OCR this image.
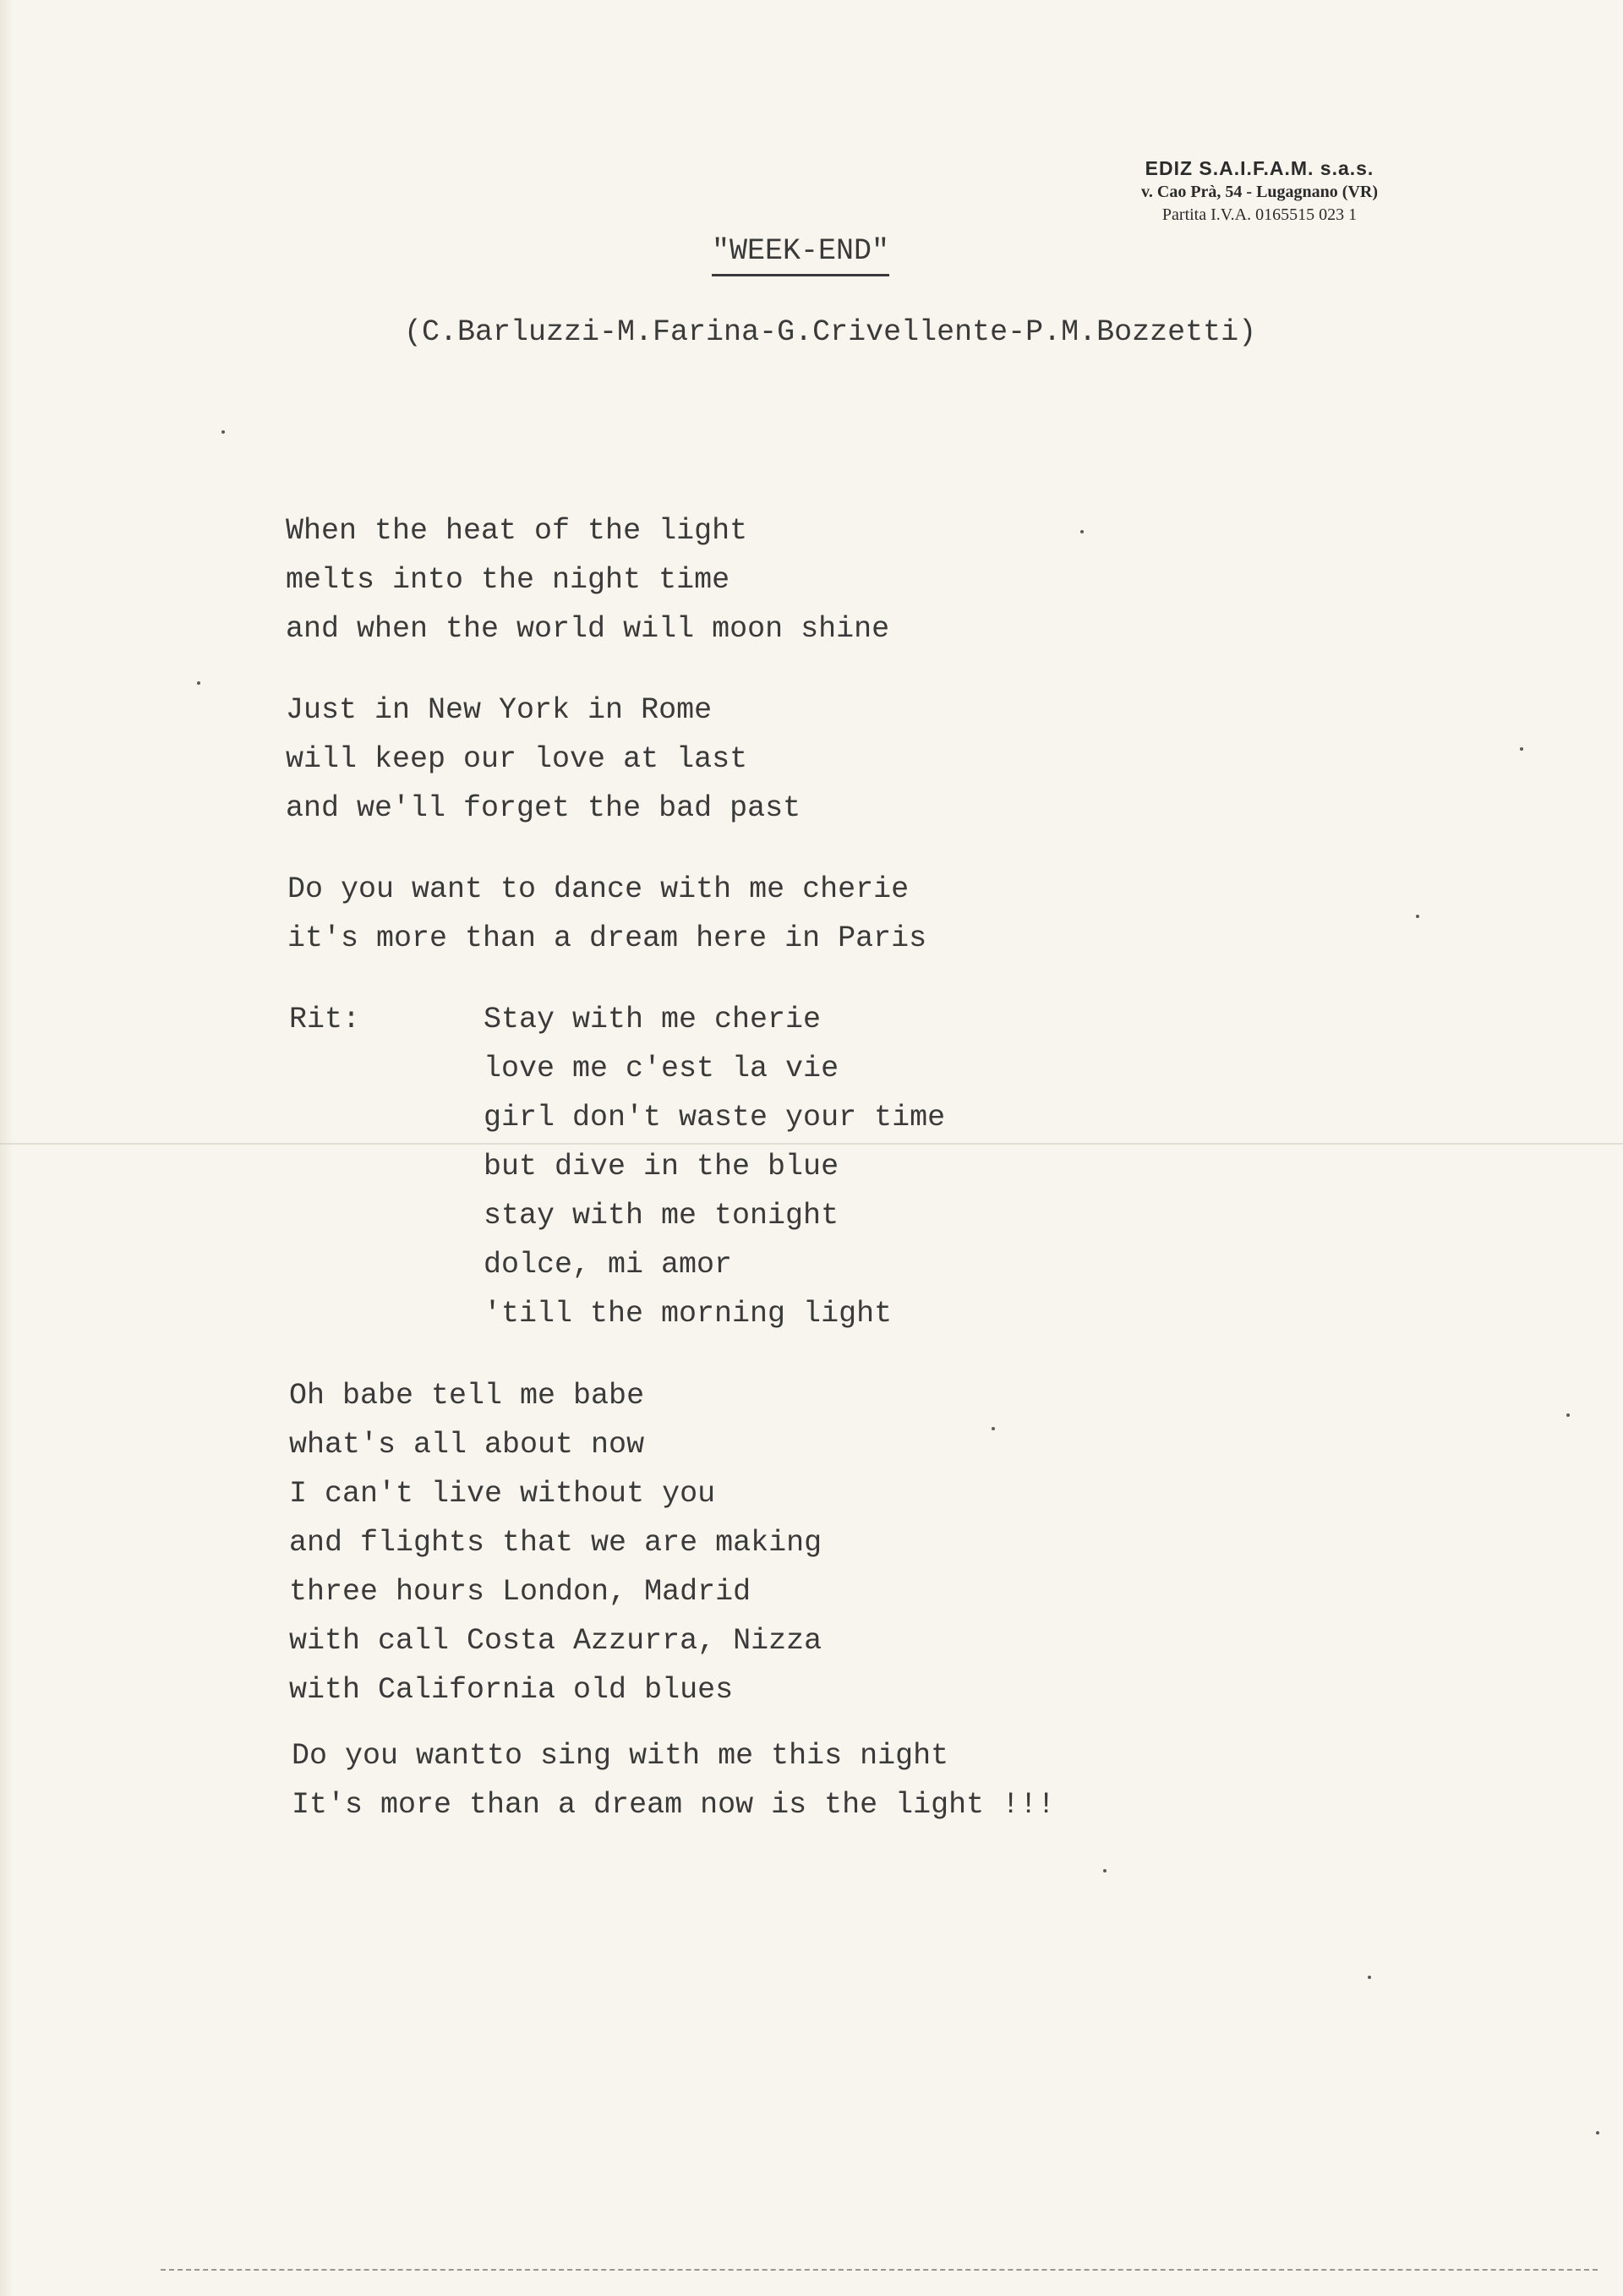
EDIZ S.A.I.F.A.M. s.a.s.

v. Cao Prà, 54 - Lugagnano (VR)

Partita I.V.A. 0165515 023 1

"WEEK-END"

(C.Barluzzi-M.Farina-G.Crivellente-P.M.Bozzetti)

When the heat of the light
melts into the night time
and when the world will moon shine
Just in New York in Rome
will keep our love at last
and we'll forget the bad past
Do you want to dance with me cherie
it's more than a dream here in Paris
Rit:	Stay with me cherie
love me c'est la vie
girl don't waste your time
but dive in the blue
stay with me tonight
dolce, mi amor
'till the morning light
Oh babe tell me babe
what's all about now
I can't live without you
and flights that we are making
three hours London, Madrid
with call Costa Azzurra, Nizza
with California old blues
Do you wantto sing with me this night
It's more than a dream now is the light !!!
